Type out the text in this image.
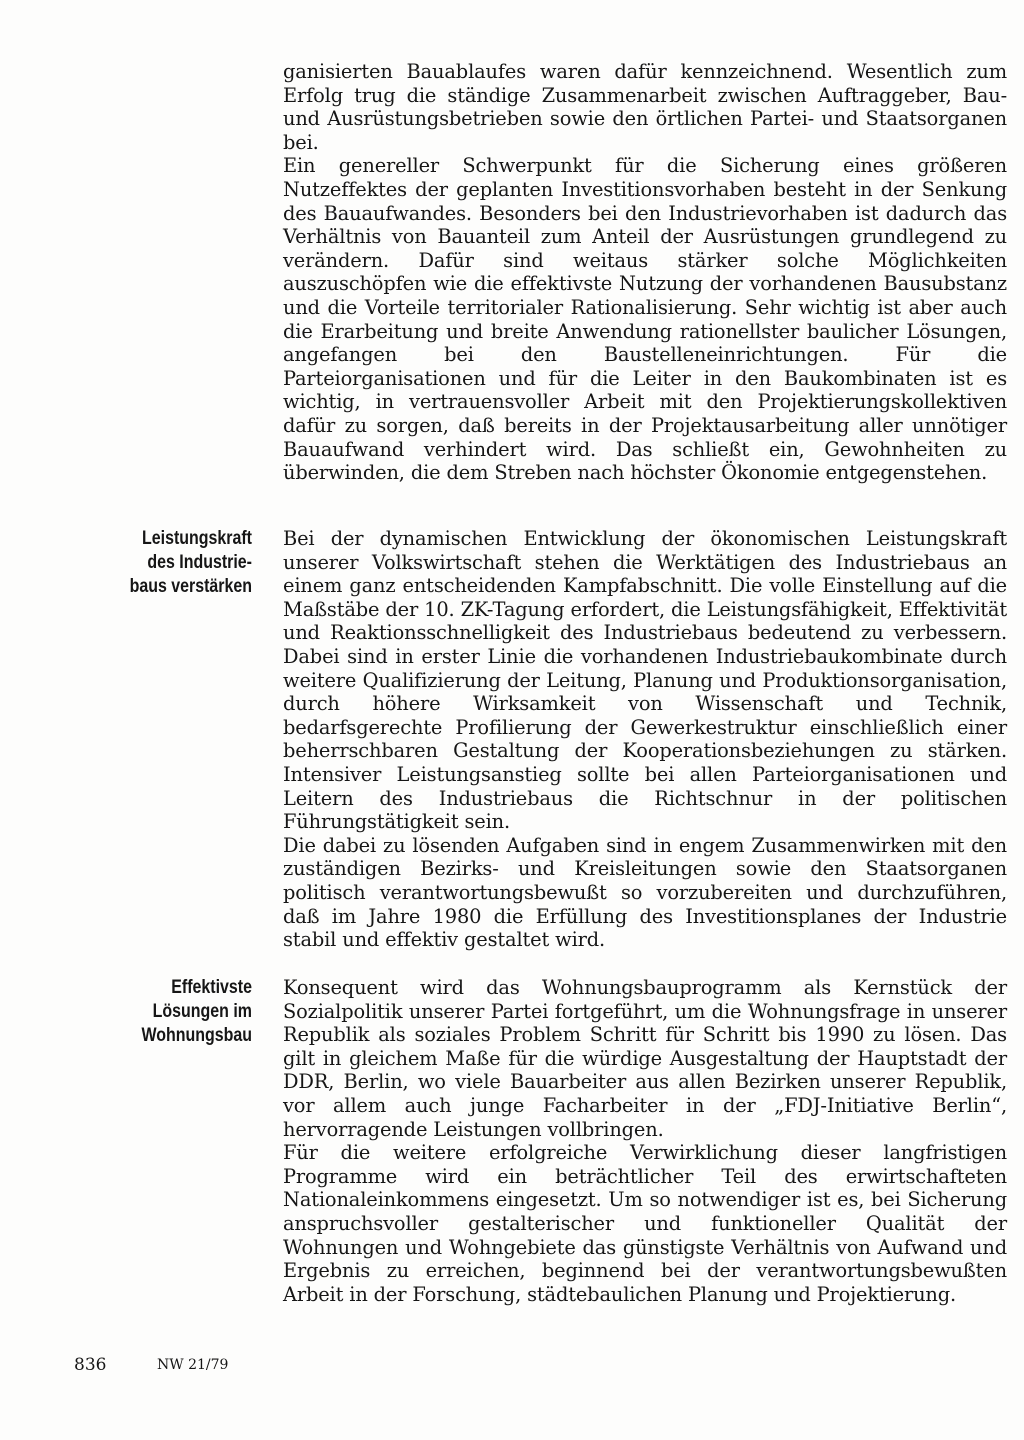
ganisierten Bauablaufes waren dafür kennzeichnend. Wesentlich zum Erfolg trug die ständige Zusammenarbeit zwischen Auftraggeber, Bau- und Ausrüstungsbetrieben sowie den örtlichen Partei- und Staatsorganen bei.
Ein genereller Schwerpunkt für die Sicherung eines größeren Nutzeffektes der geplanten Investitionsvorhaben besteht in der Senkung des Bauaufwandes. Besonders bei den Industrievorhaben ist dadurch das Verhältnis von Bauanteil zum Anteil der Ausrüstungen grundlegend zu verändern. Dafür sind weitaus stärker solche Möglichkeiten auszuschöpfen wie die effektivste Nutzung der vorhandenen Bausubstanz und die Vorteile territorialer Rationalisierung. Sehr wichtig ist aber auch die Erarbeitung und breite Anwendung rationellster baulicher Lösungen, angefangen bei den Baustelleneinrichtungen. Für die Parteiorganisationen und für die Leiter in den Baukombinaten ist es wichtig, in vertrauensvoller Arbeit mit den Projektierungskollektiven dafür zu sorgen, daß bereits in der Projektausarbeitung aller unnötiger Bauaufwand verhindert wird. Das schließt ein, Gewohnheiten zu überwinden, die dem Streben nach höchster Ökonomie entgegenstehen.
Leistungskraft
des Industrie-
baus verstärken
Bei der dynamischen Entwicklung der ökonomischen Leistungskraft unserer Volkswirtschaft stehen die Werktätigen des Industriebaus an einem ganz entscheidenden Kampfabschnitt. Die volle Einstellung auf die Maßstäbe der 10. ZK-Tagung erfordert, die Leistungsfähigkeit, Effektivität und Reaktionsschnelligkeit des Industriebaus bedeutend zu verbessern. Dabei sind in erster Linie die vorhandenen Industriebaukombinate durch weitere Qualifizierung der Leitung, Planung und Produktionsorganisation, durch höhere Wirksamkeit von Wissenschaft und Technik, bedarfsgerechte Profilierung der Gewerkestruktur einschließlich einer beherrschbaren Gestaltung der Kooperationsbeziehungen zu stärken. Intensiver Leistungsanstieg sollte bei allen Parteiorganisationen und Leitern des Industriebaus die Richtschnur in der politischen Führungstätigkeit sein.
Die dabei zu lösenden Aufgaben sind in engem Zusammenwirken mit den zuständigen Bezirks- und Kreisleitungen sowie den Staatsorganen politisch verantwortungsbewußt so vorzubereiten und durchzuführen, daß im Jahre 1980 die Erfüllung des Investitionsplanes der Industrie stabil und effektiv gestaltet wird.
Effektivste
Lösungen im
Wohnungsbau
Konsequent wird das Wohnungsbauprogramm als Kernstück der Sozialpolitik unserer Partei fortgeführt, um die Wohnungsfrage in unserer Republik als soziales Problem Schritt für Schritt bis 1990 zu lösen. Das gilt in gleichem Maße für die würdige Ausgestaltung der Hauptstadt der DDR, Berlin, wo viele Bauarbeiter aus allen Bezirken unserer Republik, vor allem auch junge Facharbeiter in der „FDJ-Initiative Berlin“, hervorragende Leistungen vollbringen.
Für die weitere erfolgreiche Verwirklichung dieser langfristigen Programme wird ein beträchtlicher Teil des erwirtschafteten Nationaleinkommens eingesetzt. Um so notwendiger ist es, bei Sicherung anspruchsvoller gestalterischer und funktioneller Qualität der Wohnungen und Wohngebiete das günstigste Verhältnis von Aufwand und Ergebnis zu erreichen, beginnend bei der verantwortungsbewußten Arbeit in der Forschung, städtebaulichen Planung und Projektierung.
836	NW 21/79
